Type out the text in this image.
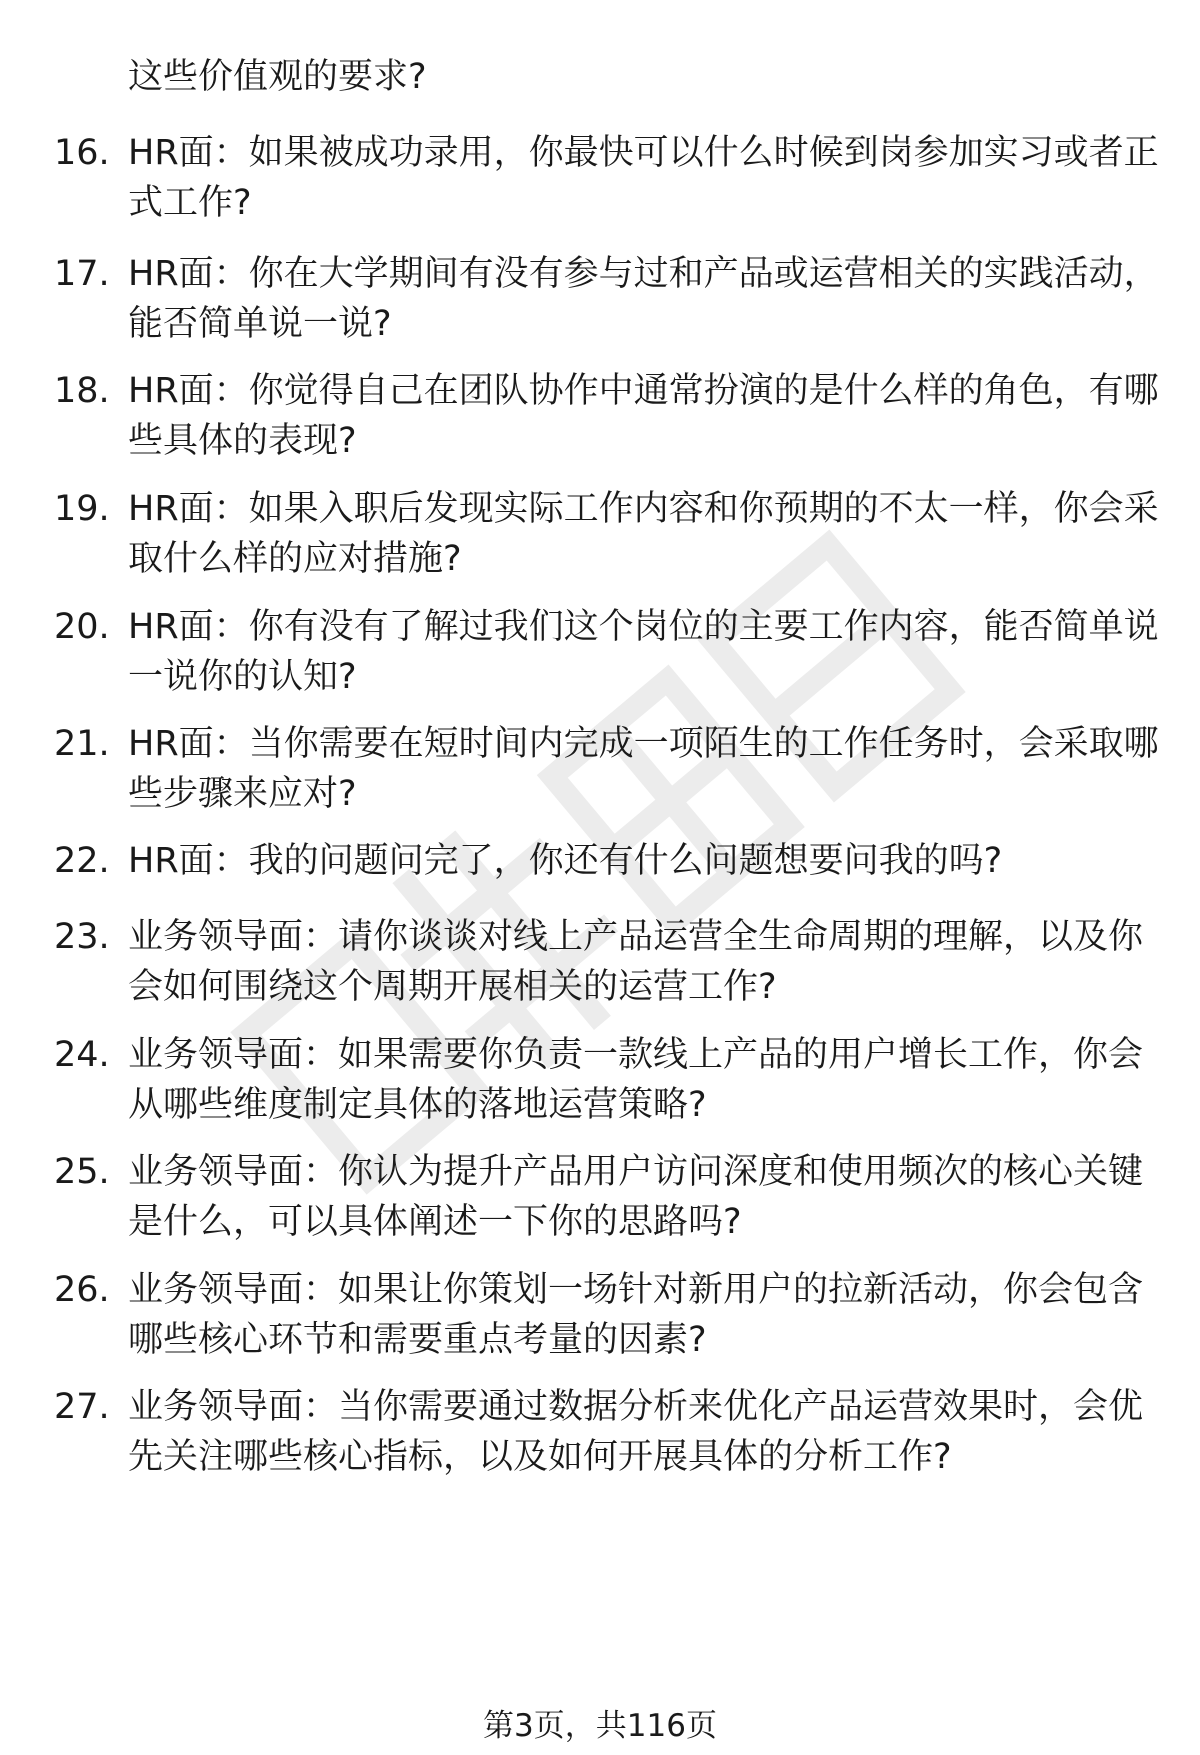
这些价值观的要求?
16. HR面：如果被成功录用，你最快可以什么时候到岗参加实习或者正式工作?
17. HR面：你在大学期间有没有参与过和产品或运营相关的实践活动，能否简单说一说?
18. HR面：你觉得自己在团队协作中通常扮演的是什么样的角色，有哪些具体的表现?
19. HR面：如果入职后发现实际工作内容和你预期的不太一样，你会采取什么样的应对措施?
20. HR面：你有没有了解过我们这个岗位的主要工作内容，能否简单说一说你的认知?
21. HR面：当你需要在短时间内完成一项陌生的工作任务时，会采取哪些步骤来应对?
22. HR面：我的问题问完了，你还有什么问题想要问我的吗?
23. 业务领导面：请你谈谈对线上产品运营全生命周期的理解，以及你会如何围绕这个周期开展相关的运营工作?
24. 业务领导面：如果需要你负责一款线上产品的用户增长工作，你会从哪些维度制定具体的落地运营策略?
25. 业务领导面：你认为提升产品用户访问深度和使用频次的核心关键是什么，可以具体阐述一下你的思路吗?
26. 业务领导面：如果让你策划一场针对新用户的拉新活动，你会包含哪些核心环节和需要重点考量的因素?
27. 业务领导面：当你需要通过数据分析来优化产品运营效果时，会优先关注哪些核心指标，以及如何开展具体的分析工作?
第3页，共116页
